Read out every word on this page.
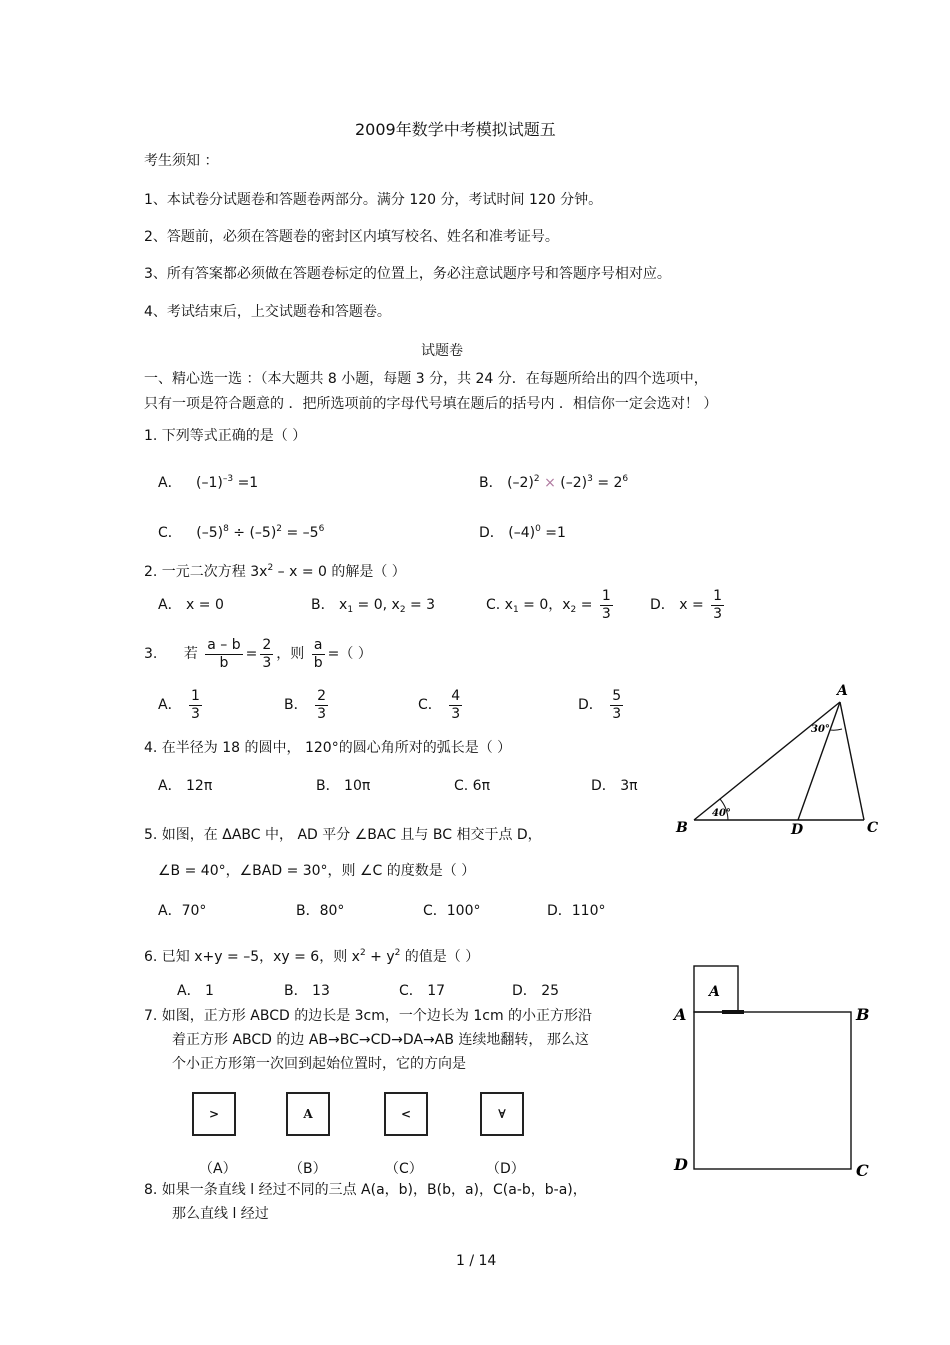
2009年数学中考模拟试题五
考生须知 ：
1、本试卷分试题卷和答题卷两部分。满分 120 分，考试时间 120 分钟。
2、答题前，必须在答题卷的密封区内填写校名、姓名和准考证号。
3、所有答案都必须做在答题卷标定的位置上，务必注意试题序号和答题序号相对应。
4、考试结束后，上交试题卷和答题卷。
试题卷
一、精心选一选 ：（本大题共 8 小题，每题 3 分，共 24 分．在每题所给出的四个选项中，
只有一项是符合题意的 ．把所选项前的字母代号填在题后的括号内 ．相信你一定会选对！ ）
1. 下列等式正确的是（ ）
A． $(-1)^{-3} =1$	B． $(-2)^2 \times (-2)^3 = 2^6$
C． $(-5)^8 \div (-5)^2 = -5^6$	D． $(-4)^0 =1$
2. 一元二次方程 $3x^2 - x = 0$ 的解是（ ）
A． x = 0	B． $x_1 = 0$, $x_2 = 3$	C. $x_1 = 0$，$x_2 = \frac{1}{3}$	D． $x = \frac{1}{3}$
3. 若 $\frac{a - b}{b} = \frac{2}{3}$ ，则 $\frac{a}{b}$ =（ ）
A． $\frac{1}{3}$	B． $\frac{2}{3}$	C． $\frac{4}{3}$	D． $\frac{5}{3}$
4. 在半径为 18 的圆中， 120°的圆心角所对的弧长是（ ）
A． 12π	B． 10π	C. 6π	D． 3π
5. 如图，在 ΔABC 中， AD 平分 ∠BAC 且与 BC 相交于点 D，
∠B = 40°，∠BAD = 30°，则 ∠C 的度数是（ ）
A．70°	B．80°	C．100°	D．110°
6. 已知 x+y = –5，xy = 6，则 $x^2 + y^2$ 的值是（ ）
A． 1	B． 13	C． 17	D． 25
7. 如图，正方形 ABCD 的边长是 3cm，一个边长为 1cm 的小正方形沿
着正方形 ABCD 的边 AB→BC→CD→DA→AB 连续地翻转， 那么这
个小正方形第一次回到起始位置时，它的方向是
>	A	<	∀
（A）	（B）	（C）	（D）
8. 如果一条直线 l 经过不同的三点 A(a，b)，B(b，a)，C(a-b，b-a)，
那么直线 l 经过
A
B	C
D
30°
40°
A
A	B
C
D
1 / 14
